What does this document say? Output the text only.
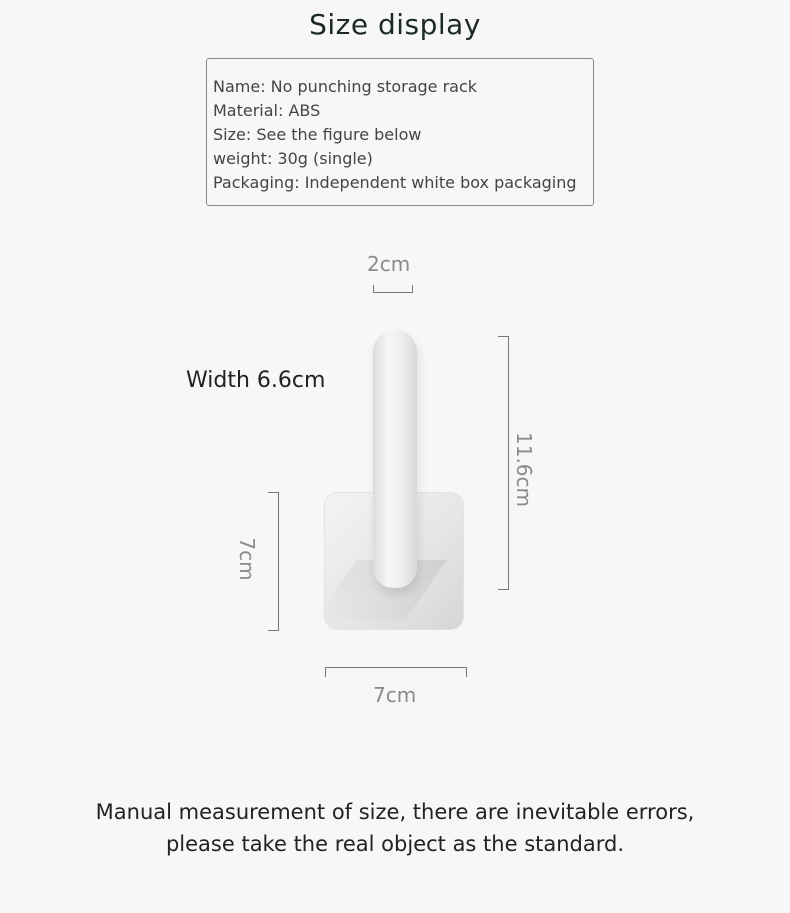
Size display
Name: No punching storage rack
Material: ABS
Size: See the figure below
weight: 30g (single)
Packaging: Independent white box packaging
2cm
Width 6.6cm
11.6cm
7cm
7cm
Manual measurement of size, there are inevitable errors,
please take the real object as the standard.
